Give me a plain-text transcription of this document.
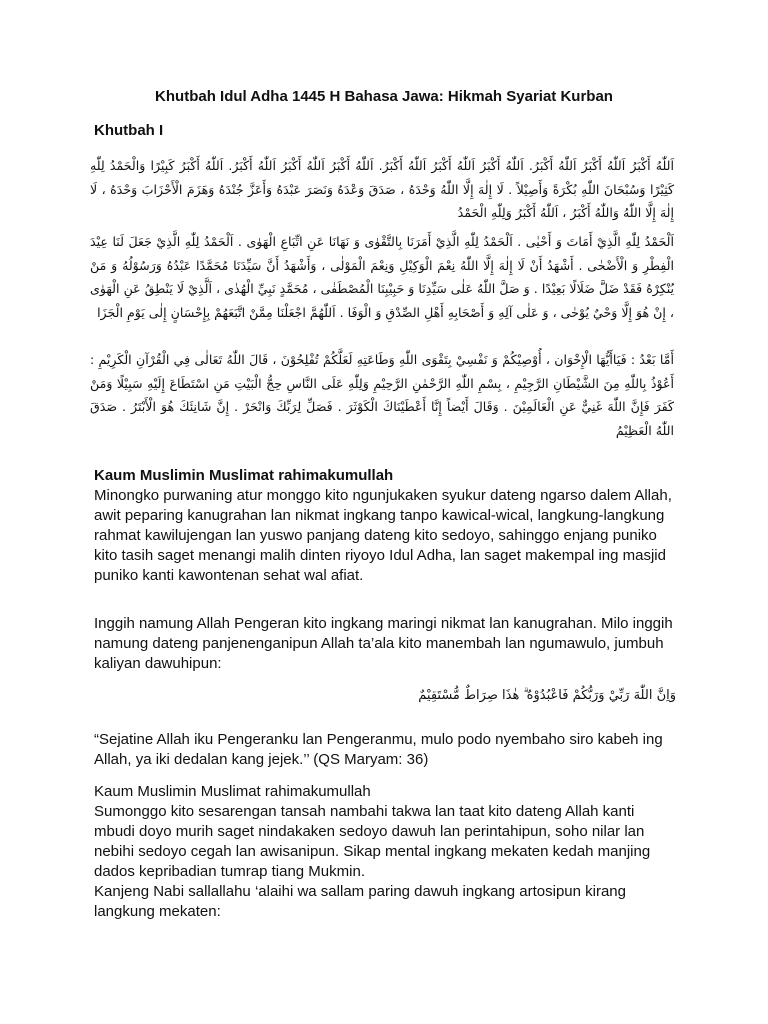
Khutbah Idul Adha 1445 H Bahasa Jawa: Hikmah Syariat Kurban
Khutbah I
اَللّٰهُ أَكْبَرُ اَللّٰهُ أَكْبَرُ اَللّٰهُ أَكْبَرُ. اَللّٰهُ أَكْبَرُ اَللّٰهُ أَكْبَرُ اَللّٰهُ أَكْبَرُ. اَللّٰهُ أَكْبَرُ اَللّٰهُ أَكْبَرُ اَللّٰهُ أَكْبَرُ. اَللّٰهُ أَكْبَرُ كَبِيْرًا وَالْحَمْدُ لِلّٰهِ كَثِيْرًا وَسُبْحَانَ اللّٰهِ بُكْرَةً وَأَصِيْلاً . لَا إِلٰهَ إِلَّا اللّٰهُ وَحْدَهُ ، صَدَقَ وَعْدَهُ وَنَصَرَ عَبْدَهُ وَأَعَزَّ جُنْدَهُ وَهَزَمَ الْأَحْزَابَ وَحْدَهُ ، لَا إِلٰهَ إِلَّا اللّٰهُ وَاللّٰهُ أَكْبَرُ ، اَللّٰهُ أَكْبَرُ وَلِلّٰهِ الْحَمْدُ
اَلْحَمْدُ لِلّٰهِ الَّذِيْ أَمَاتَ وَ أَحْيٰى . اَلْحَمْدُ لِلّٰهِ الَّذِيْ أَمَرَنَا بِالتَّقْوٰى وَ نَهَانَا عَنِ اتِّبَاعِ الْهَوٰى . اَلْحَمْدُ لِلّٰهِ الَّذِيْ جَعَلَ لَنَا عِيْدَ الْفِطْرِ وَ الْأَضْحٰى . أَشْهَدُ أَنْ لَا إِلٰهَ إِلَّا اللّٰهُ نِعْمَ الْوَكِيْلِ وَنِعْمَ الْمَوْلٰى ، وَأَشْهَدُ أَنَّ سَيِّدَنَا مُحَمَّدًا عَبْدُهُ وَرَسُوْلُهُ وَ مَنْ يُنْكِرْهُ فَقَدْ ضَلَّ ضَلَالًا بَعِيْدًا . وَ صَلَّ اللّٰهُ عَلٰى سَيِّدِنَا وَ حَبِيْبِنَا الْمُصْطَفٰى ، مُحَمَّدٍ نَبِيِّ الْهُدٰى ، اَلَّذِيْ لَا يَنْطِقُ عَنِ الْهَوٰى ، إِنْ هُوَ إِلَّا وَحْيٌ يُوْحٰى ، وَ عَلٰى آلِهِ وَ أَصْحَابِهِ أَهْلِ الصِّدْقِ وَ الْوَفَا . اَللّٰهُمَّ اجْعَلْنَا مِمَّنْ اتَّبَعَهُمْ بِإِحْسَانٍ إِلٰى يَوْمِ الْجَزَا
أَمَّا بَعْدُ : فَيَاأَيُّهَا الْإِخْوَان ، أُوْصِيْكُمْ وَ نَفْسِيْ بِتَقْوَى اللّٰهِ وَطَاعَتِهِ لَعَلَّكُمْ تُفْلِحُوْنَ ، قَالَ اللّٰهُ تَعَالٰى فِي الْقُرْآنِ الْكَرِيْمِ : أَعُوْذُ بِاللّٰهِ مِنَ الشَّيْطَانِ الرَّجِيْمِ ، بِسْمِ اللّٰهِ الرَّحْمٰنِ الرَّحِيْمِ وَلِلّٰهِ عَلَى النَّاسِ حِجُّ الْبَيْتِ مَنِ اسْتَطَاعَ إِلَيْهِ سَبِيْلًا وَمَنْ كَفَرَ فَإِنَّ اللّٰهَ غَنِيٌّ عَنِ الْعَالَمِيْنَ . وَقَالَ أَيْضاً إِنَّا أَعْطَيْنَاكَ الْكَوْثَرَ . فَصَلِّ لِرَبِّكَ وَانْحَرْ . إِنَّ شَانِئَكَ هُوَ الْأَبْتَرُ . صَدَقَ اللّٰهُ الْعَظِيْمُ
Kaum Muslimin Muslimat rahimakumullah
Minongko purwaning atur monggo kito ngunjukaken syukur dateng ngarso dalem Allah, awit peparing kanugrahan lan nikmat ingkang tanpo kawical-wical, langkung-langkung rahmat kawilujengan lan yuswo panjang dateng kito sedoyo, sahinggo enjang puniko kito tasih saget menangi malih dinten riyoyo Idul Adha, lan saget makempal ing masjid puniko kanti kawontenan sehat wal afiat.
Inggih namung Allah Pengeran kito ingkang maringi nikmat lan kanugrahan. Milo inggih namung dateng panjenenganipun Allah ta’ala kito manembah lan ngumawulo, jumbuh kaliyan dawuhipun:
وَاِنَّ اللّٰهَ رَبِّيْ وَرَبُّكُمْ فَاعْبُدُوْهُ ۗ هٰذَا صِرَاطٌ مُّسْتَقِيْمٌ
“Sejatine Allah iku Pengeranku lan Pengeranmu, mulo podo nyembaho siro kabeh ing Allah, ya iki dedalan kang jejek.’’ (QS Maryam: 36)
Kaum Muslimin Muslimat rahimakumullah
Sumonggo kito sesarengan tansah nambahi takwa lan taat kito dateng Allah kanti mbudi doyo murih saget nindakaken sedoyo dawuh lan perintahipun, soho nilar lan nebihi sedoyo cegah lan awisanipun. Sikap mental ingkang mekaten kedah manjing dados kepribadian tumrap tiang Mukmin.
Kanjeng Nabi sallallahu ‘alaihi wa sallam paring dawuh ingkang artosipun kirang langkung mekaten:
